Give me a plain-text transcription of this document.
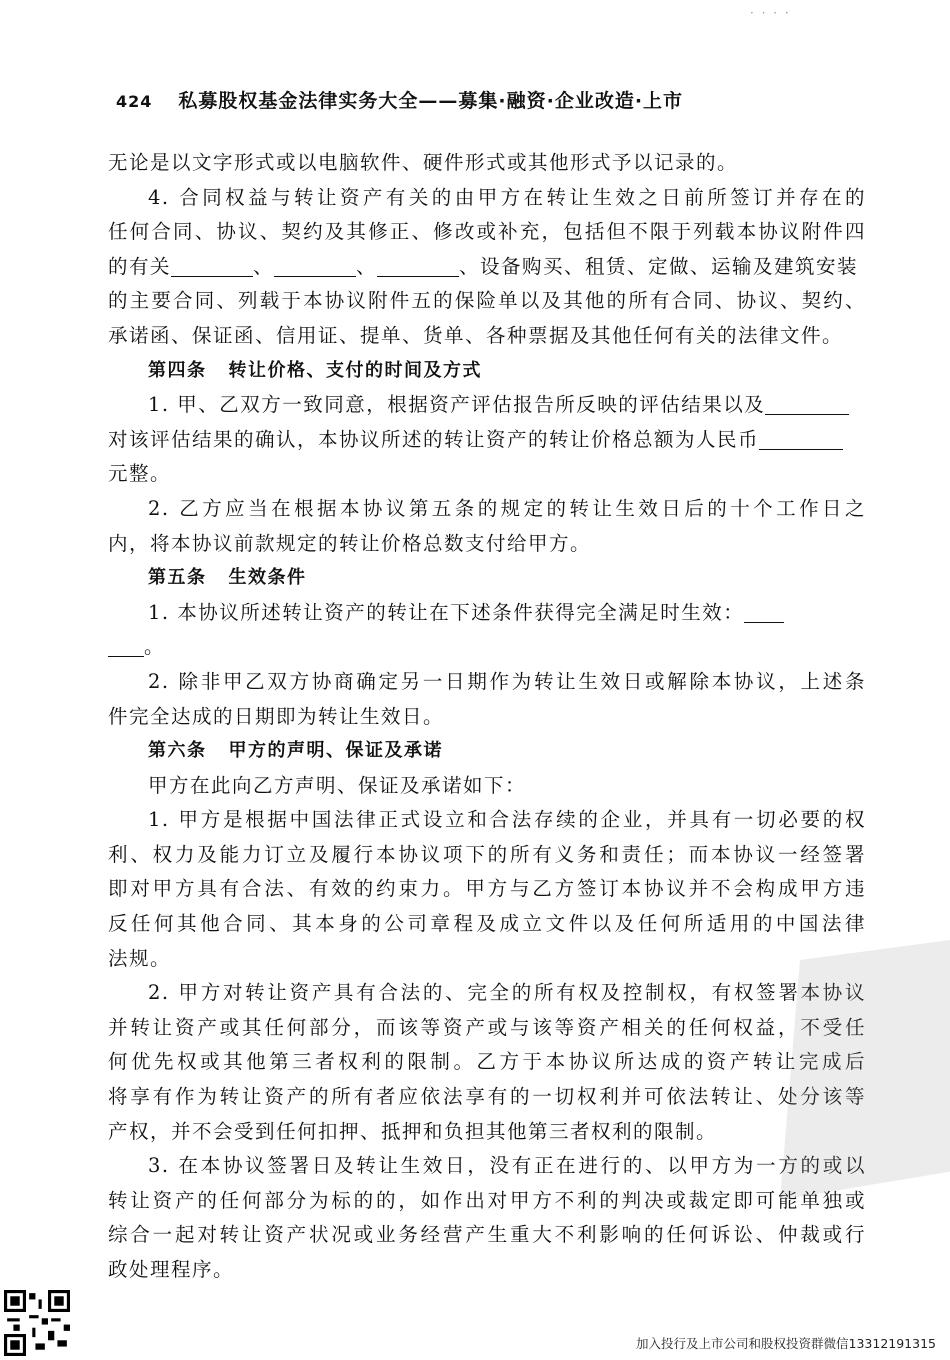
· · · ·
424 私募股权基金法律实务大全——募集·融资·企业改造·上市
无论是以文字形式或以电脑软件、硬件形式或其他形式予以记录的。
4. 合同权益与转让资产有关的由甲方在转让生效之日前所签订并存在的
任何合同、协议、契约及其修正、修改或补充，包括但不限于列载本协议附件四
的有关	、	、	、设备购买、租赁、定做、运输及建筑安装
的主要合同、列载于本协议附件五的保险单以及其他的所有合同、协议、契约、
承诺函、保证函、信用证、提单、货单、各种票据及其他任何有关的法律文件。
第四条 转让价格、支付的时间及方式
1. 甲、乙双方一致同意，根据资产评估报告所反映的评估结果以及
对该评估结果的确认，本协议所述的转让资产的转让价格总额为人民币
元整。
2. 乙方应当在根据本协议第五条的规定的转让生效日后的十个工作日之
内，将本协议前款规定的转让价格总数支付给甲方。
第五条 生效条件
1. 本协议所述转让资产的转让在下述条件获得完全满足时生效：
。
2. 除非甲乙双方协商确定另一日期作为转让生效日或解除本协议，上述条
件完全达成的日期即为转让生效日。
第六条 甲方的声明、保证及承诺
甲方在此向乙方声明、保证及承诺如下：
1. 甲方是根据中国法律正式设立和合法存续的企业，并具有一切必要的权
利、权力及能力订立及履行本协议项下的所有义务和责任；而本协议一经签署
即对甲方具有合法、有效的约束力。甲方与乙方签订本协议并不会构成甲方违
反任何其他合同、其本身的公司章程及成立文件以及任何所适用的中国法律
法规。
2. 甲方对转让资产具有合法的、完全的所有权及控制权，有权签署本协议
并转让资产或其任何部分，而该等资产或与该等资产相关的任何权益，不受任
何优先权或其他第三者权利的限制。乙方于本协议所达成的资产转让完成后
将享有作为转让资产的所有者应依法享有的一切权利并可依法转让、处分该等
产权，并不会受到任何扣押、抵押和负担其他第三者权利的限制。
3. 在本协议签署日及转让生效日，没有正在进行的、以甲方为一方的或以
转让资产的任何部分为标的的，如作出对甲方不利的判决或裁定即可能单独或
综合一起对转让资产状况或业务经营产生重大不利影响的任何诉讼、仲裁或行
政处理程序。
加入投行及上市公司和股权投资群微信13312191315
